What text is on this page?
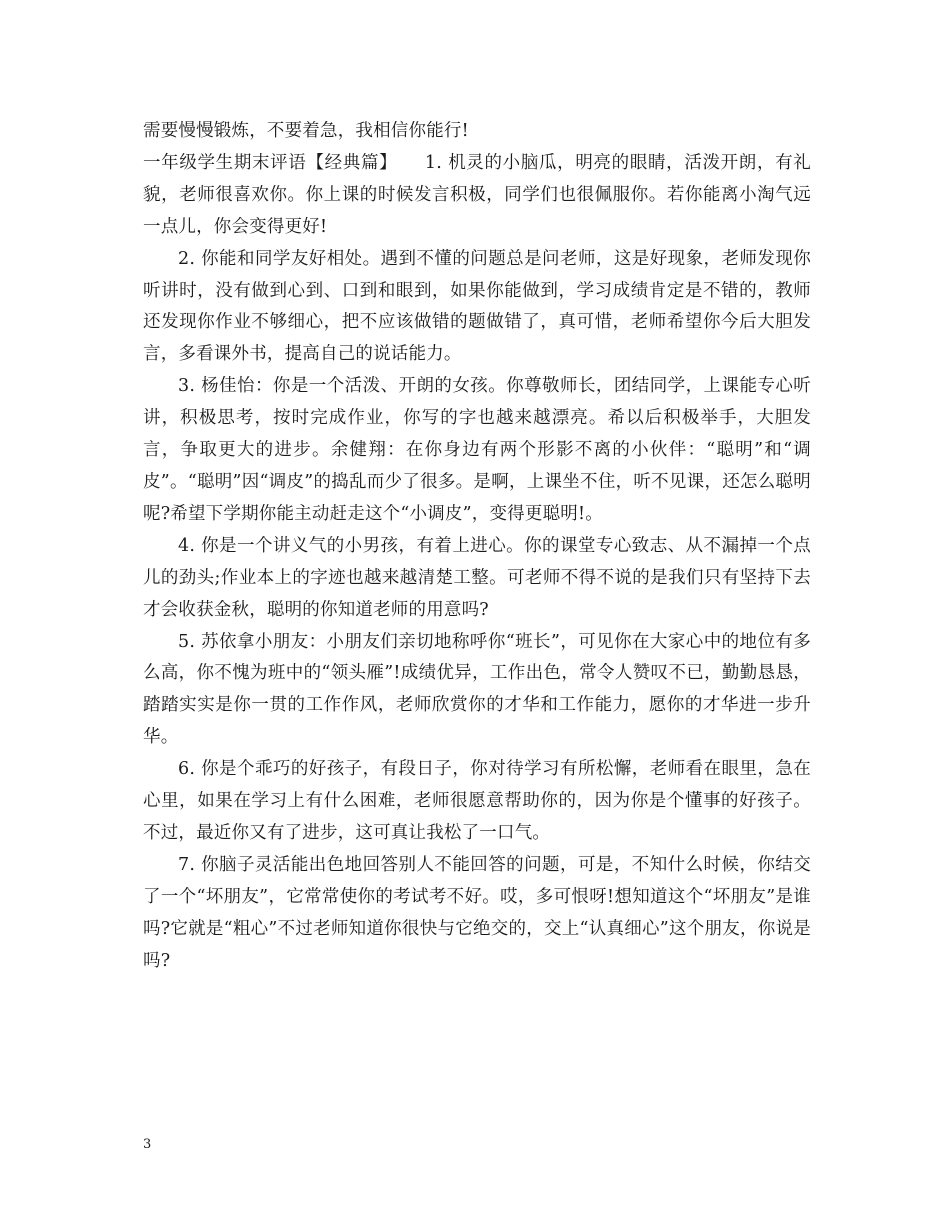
需要慢慢锻炼，不要着急，我相信你能行!

一年级学生期末评语【经典篇】　　1. 机灵的小脑瓜，明亮的眼睛，活泼开朗，有礼貌，老师很喜欢你。你上课的时候发言积极，同学们也很佩服你。若你能离小淘气远一点儿，你会变得更好!

2. 你能和同学友好相处。遇到不懂的问题总是问老师，这是好现象，老师发现你听讲时，没有做到心到、口到和眼到，如果你能做到，学习成绩肯定是不错的，教师还发现你作业不够细心，把不应该做错的题做错了，真可惜，老师希望你今后大胆发言，多看课外书，提高自己的说话能力。

3. 杨佳怡：你是一个活泼、开朗的女孩。你尊敬师长，团结同学，上课能专心听讲，积极思考，按时完成作业，你写的字也越来越漂亮。希以后积极举手，大胆发言，争取更大的进步。余健翔：在你身边有两个形影不离的小伙伴：“聪明”和“调皮”。“聪明”因“调皮”的捣乱而少了很多。是啊，上课坐不住，听不见课，还怎么聪明呢?希望下学期你能主动赶走这个“小调皮”，变得更聪明!。

4. 你是一个讲义气的小男孩，有着上进心。你的课堂专心致志、从不漏掉一个点儿的劲头;作业本上的字迹也越来越清楚工整。可老师不得不说的是我们只有坚持下去才会收获金秋，聪明的你知道老师的用意吗?

5. 苏依拿小朋友：小朋友们亲切地称呼你“班长”，可见你在大家心中的地位有多么高，你不愧为班中的“领头雁”!成绩优异，工作出色，常令人赞叹不已，勤勤恳恳，踏踏实实是你一贯的工作作风，老师欣赏你的才华和工作能力，愿你的才华进一步升华。

6. 你是个乖巧的好孩子，有段日子，你对待学习有所松懈，老师看在眼里，急在心里，如果在学习上有什么困难，老师很愿意帮助你的，因为你是个懂事的好孩子。不过，最近你又有了进步，这可真让我松了一口气。

7. 你脑子灵活能出色地回答别人不能回答的问题，可是，不知什么时候，你结交了一个“坏朋友”，它常常使你的考试考不好。哎，多可恨呀!想知道这个“坏朋友”是谁吗?它就是“粗心”不过老师知道你很快与它绝交的，交上“认真细心”这个朋友，你说是吗?

3
